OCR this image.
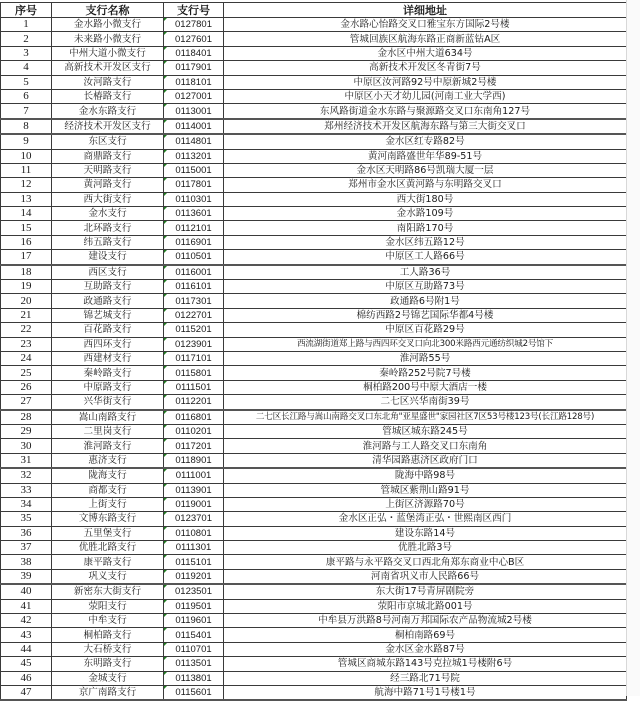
序号	支行名称	支行号	详细地址
1	金水路小微支行	0127801	金水路心怡路交叉口雅宝东方国际2号楼
2	未来路小微支行	0127601	管城回族区航海东路正商新蓝钻A区
3	中州大道小微支行	0118401	金水区中州大道634号
4	高新技术开发区支行	0117901	高新技术开发区冬青街7号
5	汝河路支行	0118101	中原区汝河路92号中原新城2号楼
6	长椿路支行	0127001	中原区小天才幼儿园(河南工业大学西)
7	金水东路支行	0113001	东风路街道金水东路与聚源路交叉口东南角127号
8	经济技术开发区支行	0114001	郑州经济技术开发区航海东路与第三大街交叉口
9	东区支行	0114801	金水区红专路82号
10	商鼎路支行	0113201	黄河南路盛世年华89-51号
11	天明路支行	0115001	金水区天明路86号凯瑞大厦一层
12	黄河路支行	0117801	郑州市金水区黄河路与东明路交叉口
13	西大街支行	0110301	西大街180号
14	金水支行	0113601	金水路109号
15	北环路支行	0112101	南阳路170号
16	纬五路支行	0116901	金水区纬五路12号
17	建设支行	0110501	中原区工人路66号
18	西区支行	0116001	工人路36号
19	互助路支行	0116101	中原区互助路73号
20	政通路支行	0117301	政通路6号附1号
21	锦艺城支行	0122701	棉纺西路2号锦艺国际华都4号楼
22	百花路支行	0115201	中原区百花路29号
23	西四环支行	0123901	西流湖街道郑上路与西四环交叉口向北300米路西元通纺织城2号馆下
24	西建材支行	0117101	淮河路55号
25	秦岭路支行	0115801	秦岭路252号院7号楼
26	中原路支行	0111501	桐柏路200号中原大酒店一楼
27	兴华街支行	0112201	二七区兴华南街39号
28	嵩山南路支行	0116801	二七区长江路与嵩山南路交叉口东北角"亚星盛世"家园社区7区53号楼123号(长江路128号)
29	二里岗支行	0110201	管城区城东路245号
30	淮河路支行	0117201	淮河路与工人路交叉口东南角
31	惠济支行	0118901	清华园路惠济区政府门口
32	陇海支行	0111001	陇海中路98号
33	商都支行	0113901	管城区紫荆山路91号
34	上街支行	0119001	上街区济源路70号
35	文博东路支行	0123701	金水区正弘・蓝堡湾正弘・世熙南区西门
36	五里堡支行	0110801	建设东路14号
37	优胜北路支行	0111301	优胜北路3号
38	康平路支行	0115101	康平路与永平路交叉口西北角郑东商业中心B区
39	巩义支行	0119201	河南省巩义市人民路66号
40	新密东大街支行	0123501	东大街17号青屏剧院旁
41	荥阳支行	0119501	荥阳市京城北路001号
42	中牟支行	0119601	中牟县万洪路8号河南万邦国际农产品物流城2号楼
43	桐柏路支行	0115401	桐柏南路69号
44	大石桥支行	0110701	金水区金水路87号
45	东明路支行	0113501	管城区商城东路143号克拉城1号楼附6号
46	金城支行	0113801	经三路北71号院
47	京广南路支行	0115601	航海中路71号1号楼1号
